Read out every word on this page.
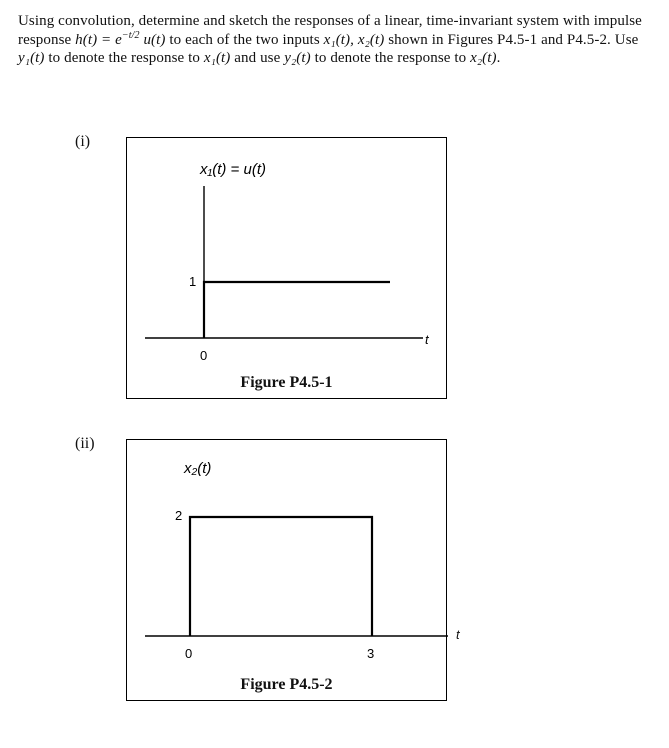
Using convolution, determine and sketch the responses of a linear, time-invariant system with impulse response $h(t) = e^{-t/2}$ u(t) to each of the two inputs x₁(t), x₂(t) shown in Figures P4.5-1 and P4.5-2. Use y₁(t) to denote the response to x₁(t) and use y₂(t) to denote the response to x₂(t).

(i)
x₁(t) = u(t)
1
0
t
Figure P4.5-1
(ii)
x₂(t)
2
0	3
Figure P4.5-2
t
